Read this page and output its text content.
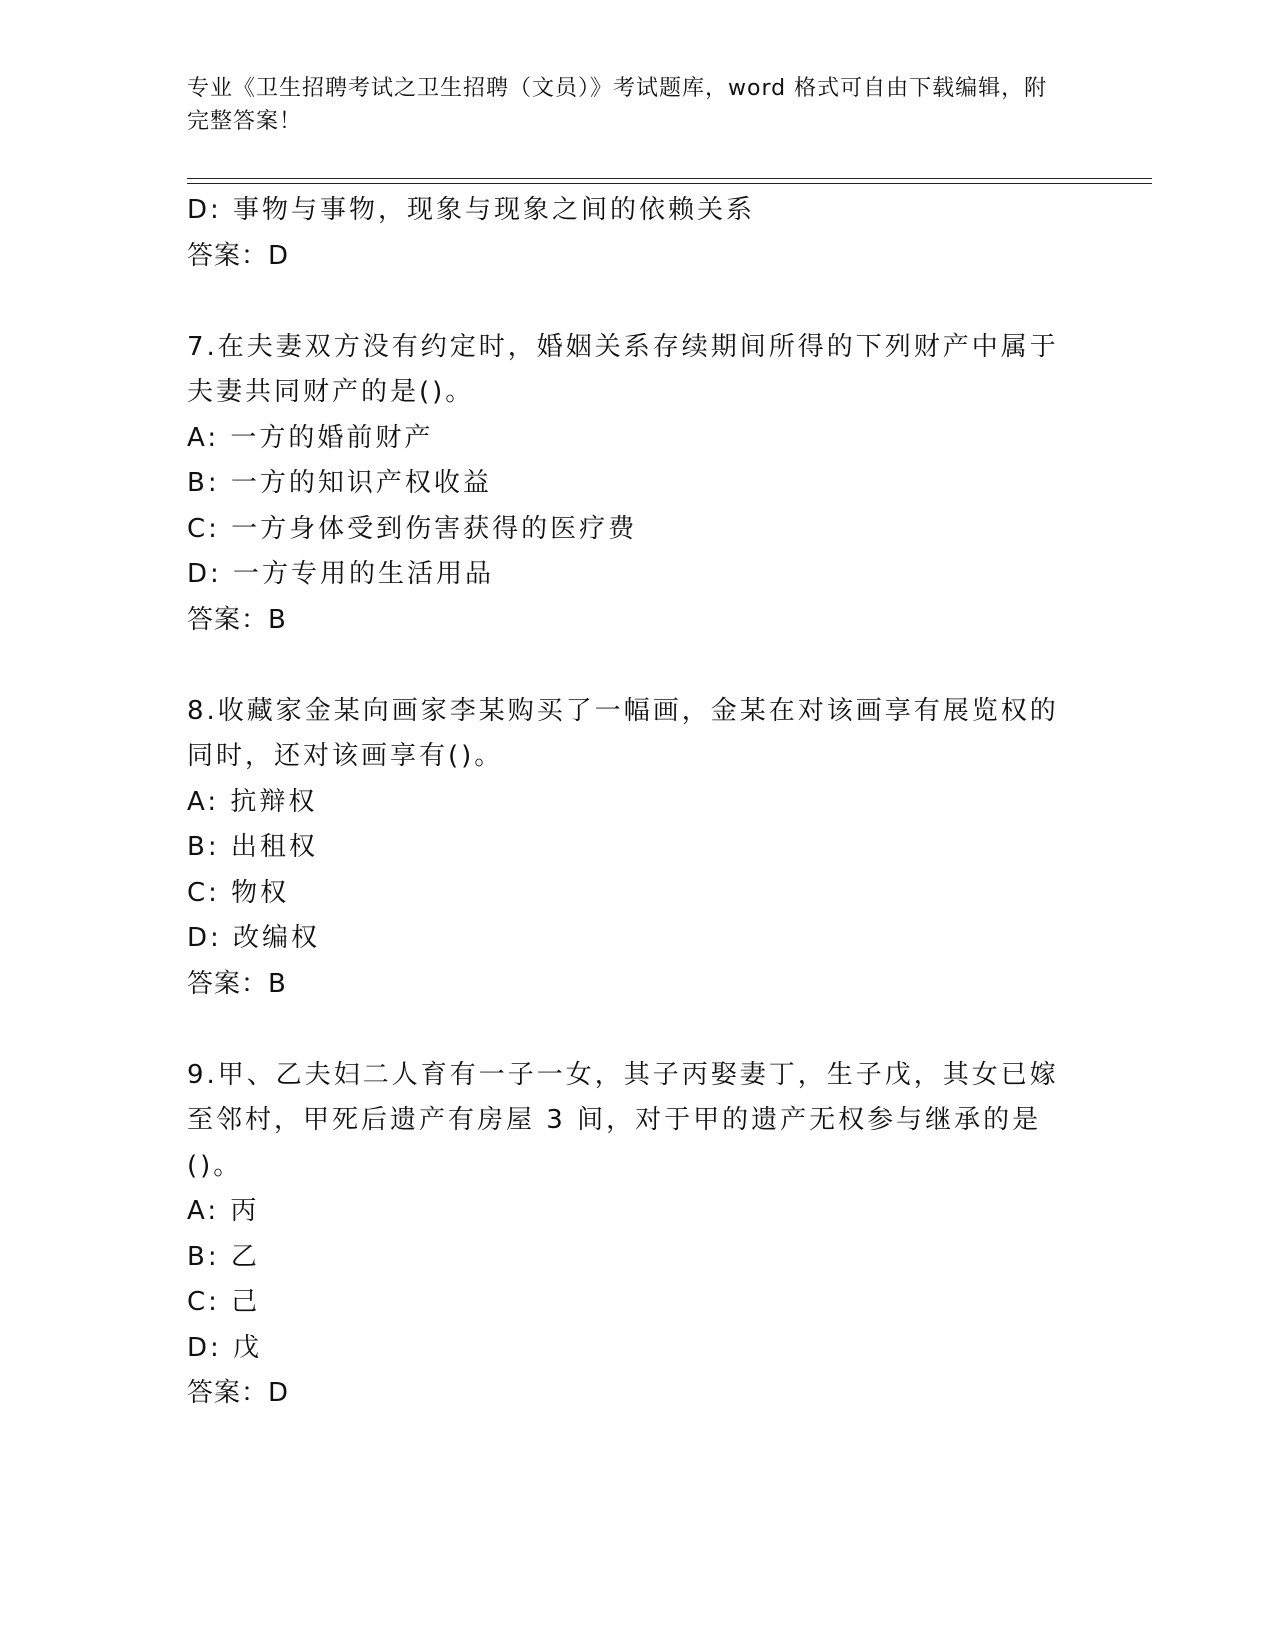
专业《卫生招聘考试之卫生招聘（文员）》考试题库，word 格式可自由下载编辑，附完整答案！
D: 事物与事物，现象与现象之间的依赖关系
答案：D
7.在夫妻双方没有约定时，婚姻关系存续期间所得的下列财产中属于夫妻共同财产的是()。
A: 一方的婚前财产
B: 一方的知识产权收益
C: 一方身体受到伤害获得的医疗费
D: 一方专用的生活用品
答案：B
8.收藏家金某向画家李某购买了一幅画，金某在对该画享有展览权的同时，还对该画享有()。
A: 抗辩权
B: 出租权
C: 物权
D: 改编权
答案：B
9.甲、乙夫妇二人育有一子一女，其子丙娶妻丁，生子戊，其女已嫁至邻村，甲死后遗产有房屋 3 间，对于甲的遗产无权参与继承的是()。
A: 丙
B: 乙
C: 己
D: 戊
答案：D
